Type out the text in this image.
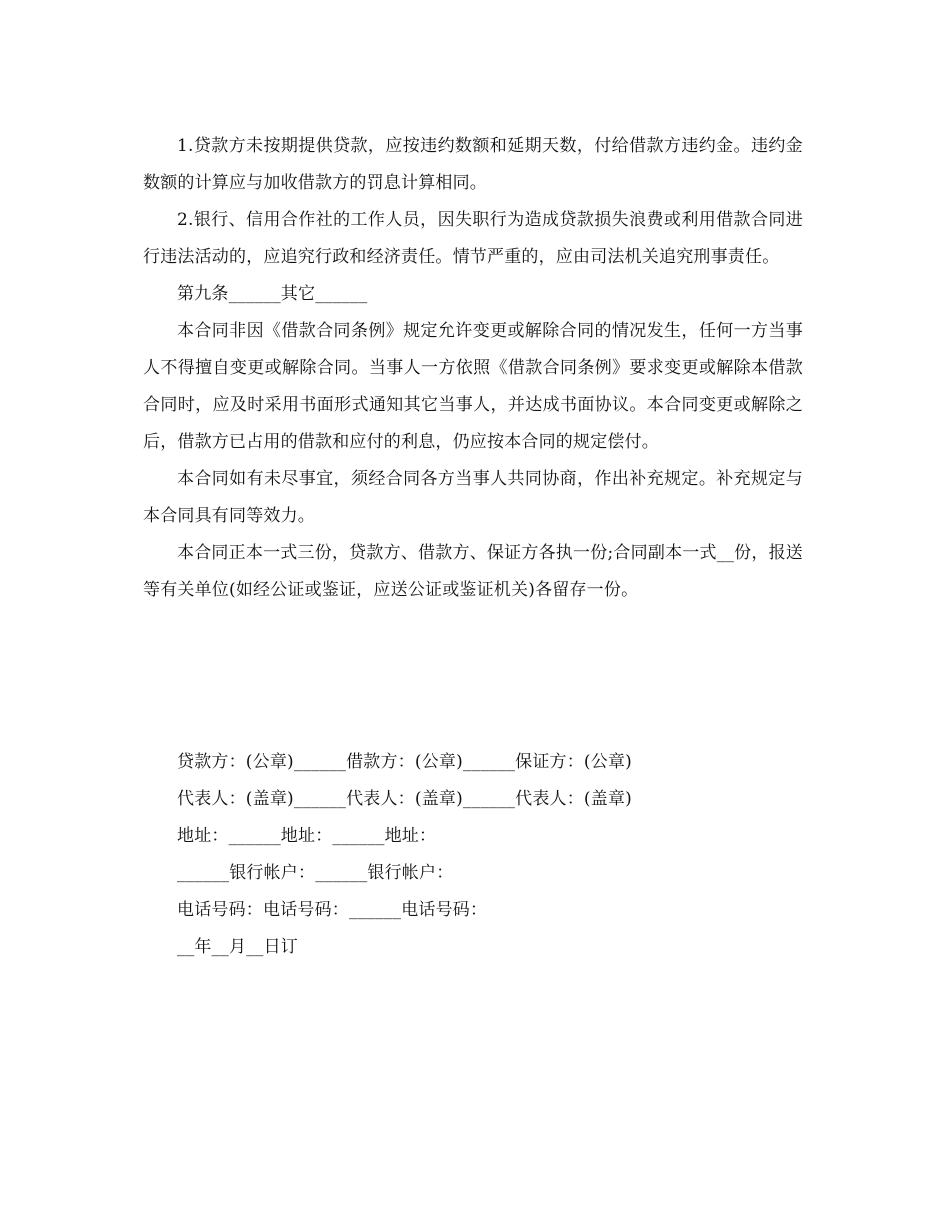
1.贷款方未按期提供贷款，应按违约数额和延期天数，付给借款方违约金。违约金数额的计算应与加收借款方的罚息计算相同。

2.银行、信用合作社的工作人员，因失职行为造成贷款损失浪费或利用借款合同进行违法活动的，应追究行政和经济责任。情节严重的，应由司法机关追究刑事责任。

第九条______其它______

本合同非因《借款合同条例》规定允许变更或解除合同的情况发生，任何一方当事人不得擅自变更或解除合同。当事人一方依照《借款合同条例》要求变更或解除本借款合同时，应及时采用书面形式通知其它当事人，并达成书面协议。本合同变更或解除之后，借款方已占用的借款和应付的利息，仍应按本合同的规定偿付。

本合同如有未尽事宜，须经合同各方当事人共同协商，作出补充规定。补充规定与本合同具有同等效力。

本合同正本一式三份，贷款方、借款方、保证方各执一份;合同副本一式__份，报送等有关单位(如经公证或鉴证，应送公证或鉴证机关)各留存一份。

贷款方：(公章)______借款方：(公章)______保证方：(公章)

代表人：(盖章)______代表人：(盖章)______代表人：(盖章)

地址：______地址：______地址：

______银行帐户：______银行帐户：

电话号码：电话号码：______电话号码：

__年__月__日订
